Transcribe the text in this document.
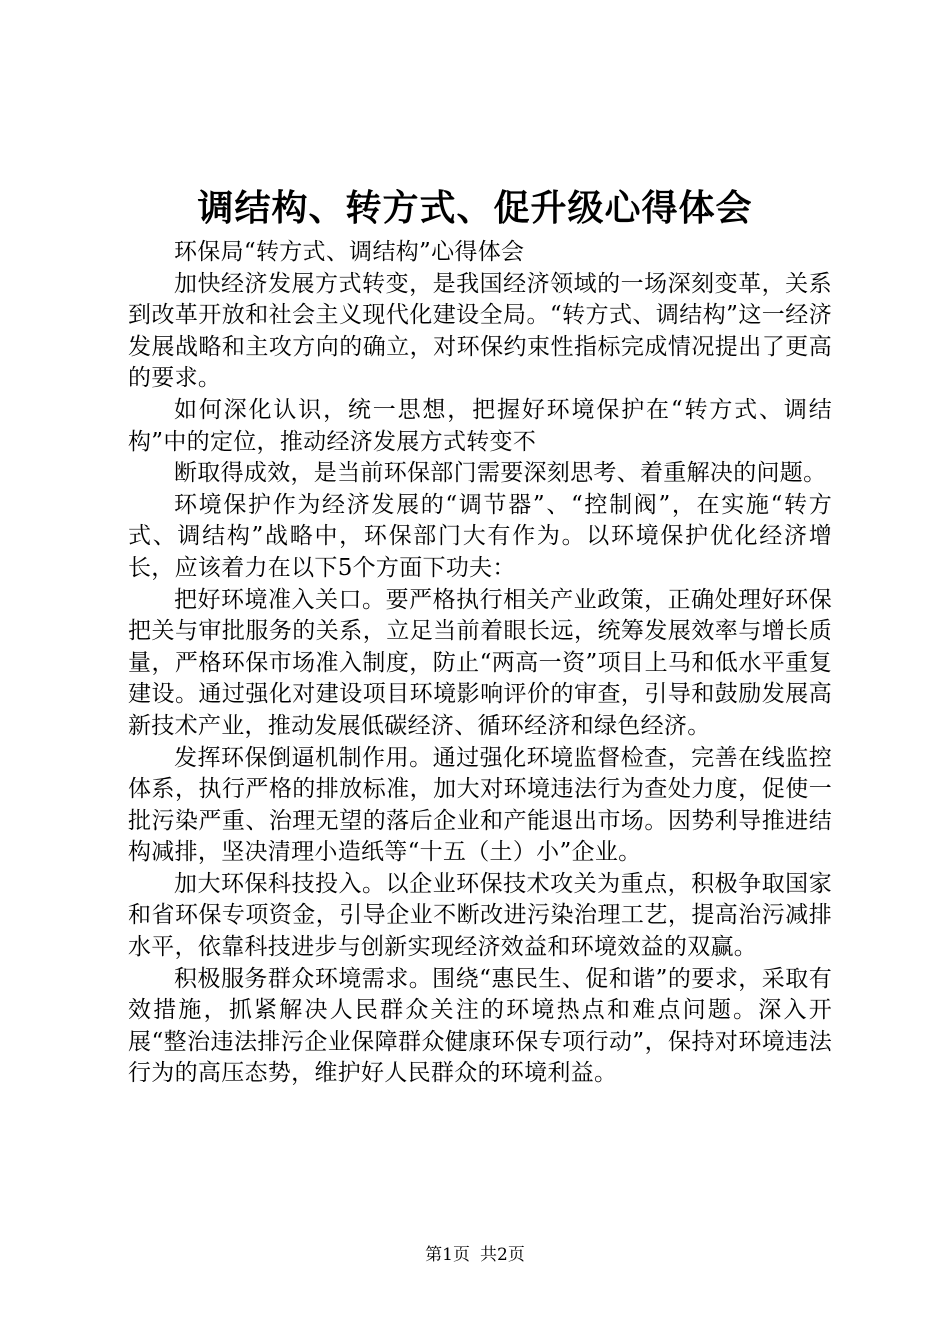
调结构、转方式、促升级心得体会

环保局“转方式、调结构”心得体会

加快经济发展方式转变，是我国经济领域的一场深刻变革，关系到改革开放和社会主义现代化建设全局。“转方式、调结构”这一经济发展战略和主攻方向的确立，对环保约束性指标完成情况提出了更高的要求。

如何深化认识，统一思想，把握好环境保护在“转方式、调结构”中的定位，推动经济发展方式转变不

断取得成效，是当前环保部门需要深刻思考、着重解决的问题。

环境保护作为经济发展的“调节器”、“控制阀”，在实施“转方式、调结构”战略中，环保部门大有作为。以环境保护优化经济增长，应该着力在以下5个方面下功夫：

把好环境准入关口。要严格执行相关产业政策，正确处理好环保把关与审批服务的关系，立足当前着眼长远，统筹发展效率与增长质量，严格环保市场准入制度，防止“两高一资”项目上马和低水平重复建设。通过强化对建设项目环境影响评价的审查，引导和鼓励发展高新技术产业，推动发展低碳经济、循环经济和绿色经济。

发挥环保倒逼机制作用。通过强化环境监督检查，完善在线监控体系，执行严格的排放标准，加大对环境违法行为查处力度，促使一批污染严重、治理无望的落后企业和产能退出市场。因势利导推进结构减排，坚决清理小造纸等“十五（土）小”企业。

加大环保科技投入。以企业环保技术攻关为重点，积极争取国家和省环保专项资金，引导企业不断改进污染治理工艺，提高治污减排水平，依靠科技进步与创新实现经济效益和环境效益的双赢。

积极服务群众环境需求。围绕“惠民生、促和谐”的要求，采取有效措施，抓紧解决人民群众关注的环境热点和难点问题。深入开展“整治违法排污企业保障群众健康环保专项行动”，保持对环境违法行为的高压态势，维护好人民群众的环境利益。

第1页 共2页
